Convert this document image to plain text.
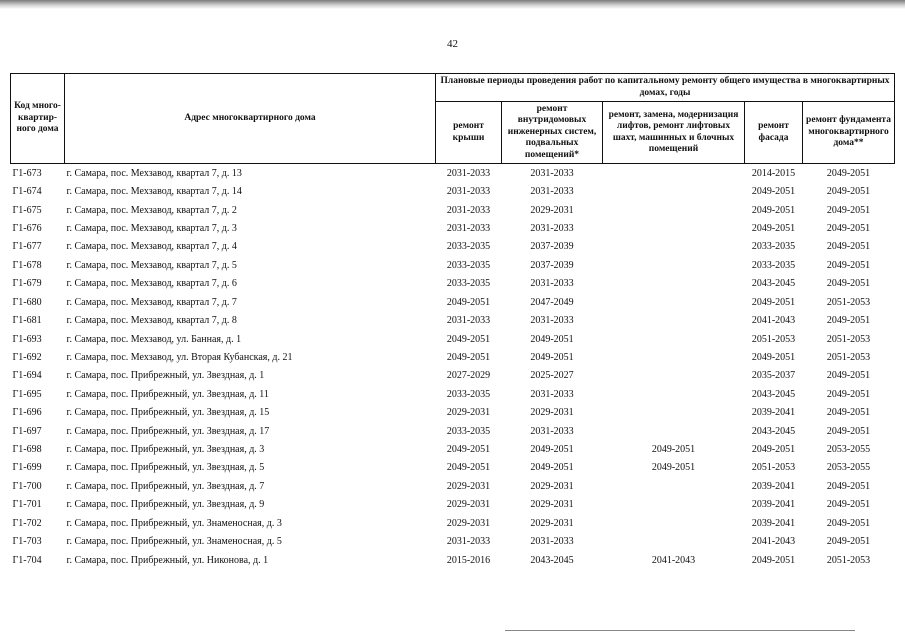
42
Код много-квартир-ного дома	Адрес многоквартирного дома	Плановые периоды проведения работ по капитальному ремонту общего имущества в многоквартирных домах, годы				
		ремонт крыши	ремонт внутридомовых инженерных систем, подвальных помещений*	ремонт, замена, модернизация лифтов, ремонт лифтовых шахт, машинных и блочных помещений	ремонт фасада	ремонт фундамента многоквартирного дома**
Г1-673	г. Самара, пос. Мехзавод, квартал 7, д. 13	2031-2033	2031-2033		2014-2015	2049-2051
Г1-674	г. Самара, пос. Мехзавод, квартал 7, д. 14	2031-2033	2031-2033		2049-2051	2049-2051
Г1-675	г. Самара, пос. Мехзавод, квартал 7, д. 2	2031-2033	2029-2031		2049-2051	2049-2051
Г1-676	г. Самара, пос. Мехзавод, квартал 7, д. 3	2031-2033	2031-2033		2049-2051	2049-2051
Г1-677	г. Самара, пос. Мехзавод, квартал 7, д. 4	2033-2035	2037-2039		2033-2035	2049-2051
Г1-678	г. Самара, пос. Мехзавод, квартал 7, д. 5	2033-2035	2037-2039		2033-2035	2049-2051
Г1-679	г. Самара, пос. Мехзавод, квартал 7, д. 6	2033-2035	2031-2033		2043-2045	2049-2051
Г1-680	г. Самара, пос. Мехзавод, квартал 7, д. 7	2049-2051	2047-2049		2049-2051	2051-2053
Г1-681	г. Самара, пос. Мехзавод, квартал 7, д. 8	2031-2033	2031-2033		2041-2043	2049-2051
Г1-693	г. Самара, пос. Мехзавод, ул. Банная, д. 1	2049-2051	2049-2051		2051-2053	2051-2053
Г1-692	г. Самара, пос. Мехзавод, ул. Вторая Кубанская, д. 21	2049-2051	2049-2051		2049-2051	2051-2053
Г1-694	г. Самара, пос. Прибрежный, ул. Звездная, д. 1	2027-2029	2025-2027		2035-2037	2049-2051
Г1-695	г. Самара, пос. Прибрежный, ул. Звездная, д. 11	2033-2035	2031-2033		2043-2045	2049-2051
Г1-696	г. Самара, пос. Прибрежный, ул. Звездная, д. 15	2029-2031	2029-2031		2039-2041	2049-2051
Г1-697	г. Самара, пос. Прибрежный, ул. Звездная, д. 17	2033-2035	2031-2033		2043-2045	2049-2051
Г1-698	г. Самара, пос. Прибрежный, ул. Звездная, д. 3	2049-2051	2049-2051	2049-2051	2049-2051	2053-2055
Г1-699	г. Самара, пос. Прибрежный, ул. Звездная, д. 5	2049-2051	2049-2051	2049-2051	2051-2053	2053-2055
Г1-700	г. Самара, пос. Прибрежный, ул. Звездная, д. 7	2029-2031	2029-2031		2039-2041	2049-2051
Г1-701	г. Самара, пос. Прибрежный, ул. Звездная, д. 9	2029-2031	2029-2031		2039-2041	2049-2051
Г1-702	г. Самара, пос. Прибрежный, ул. Знаменосная, д. 3	2029-2031	2029-2031		2039-2041	2049-2051
Г1-703	г. Самара, пос. Прибрежный, ул. Знаменосная, д. 5	2031-2033	2031-2033		2041-2043	2049-2051
Г1-704	г. Самара, пос. Прибрежный, ул. Никонова, д. 1	2015-2016	2043-2045	2041-2043	2049-2051	2051-2053
